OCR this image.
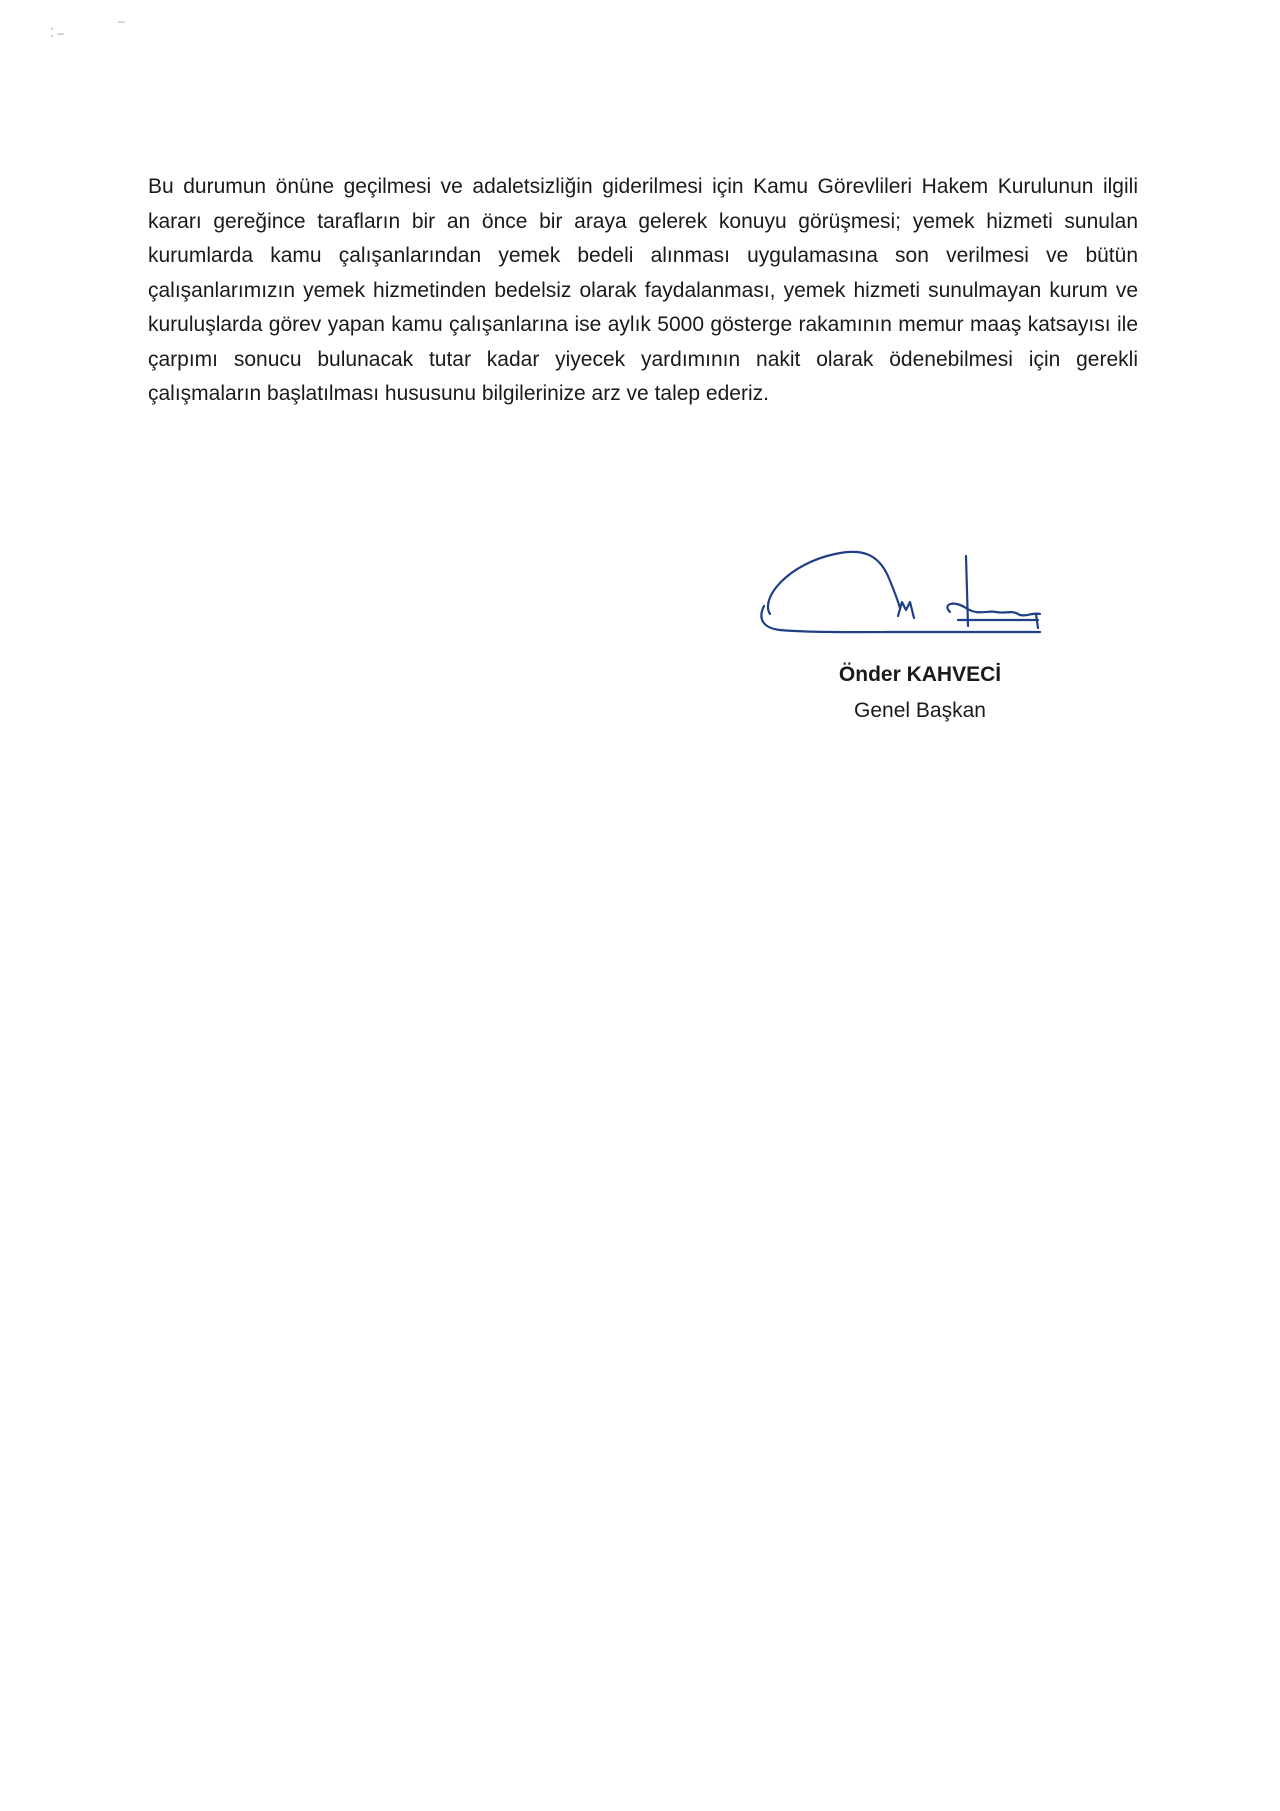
⁚ ‒
‒

Bu durumun önüne geçilmesi ve adaletsizliğin giderilmesi için Kamu Görevlileri Hakem Kurulunun ilgili kararı gereğince tarafların bir an önce bir araya gelerek konuyu görüşmesi; yemek hizmeti sunulan kurumlarda kamu çalışanlarından yemek bedeli alınması uygulamasına son verilmesi ve bütün çalışanlarımızın yemek hizmetinden bedelsiz olarak faydalanması, yemek hizmeti sunulmayan kurum ve kuruluşlarda görev yapan kamu çalışanlarına ise aylık 5000 gösterge rakamının memur maaş katsayısı ile çarpımı sonucu bulunacak tutar kadar yiyecek yardımının nakit olarak ödenebilmesi için gerekli çalışmaların başlatılması hususunu bilgilerinize arz ve talep ederiz.

Önder KAHVECİ

Genel Başkan
